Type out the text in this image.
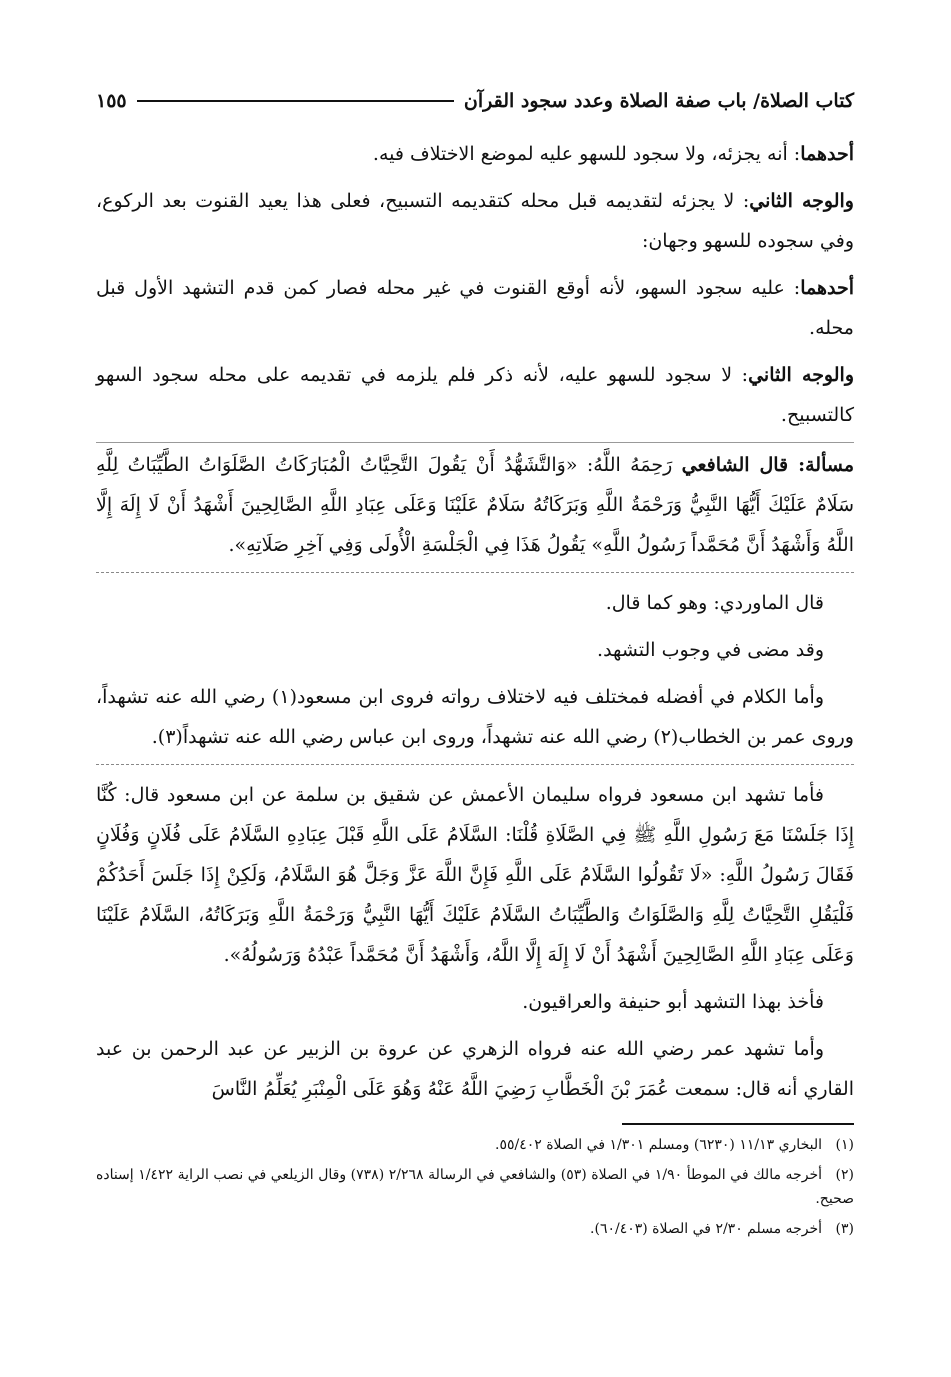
كتاب الصلاة/ باب صفة الصلاة وعدد سجود القرآن
١٥٥

أحدهما: أنه يجزئه، ولا سجود للسهو عليه لموضع الاختلاف فيه.

والوجه الثاني: لا يجزئه لتقديمه قبل محله كتقديمه التسبيح، فعلى هذا يعيد القنوت بعد الركوع، وفي سجوده للسهو وجهان:

أحدهما: عليه سجود السهو، لأنه أوقع القنوت في غير محله فصار كمن قدم التشهد الأول قبل محله.

والوجه الثاني: لا سجود للسهو عليه، لأنه ذكر فلم يلزمه في تقديمه على محله سجود السهو كالتسبيح.

مسألة: قال الشافعي رَحِمَهُ اللَّهُ: «وَالتَّشَهُّدُ أَنْ يَقُولَ التَّحِيَّاتُ الْمُبَارَكَاتُ الصَّلَوَاتُ الطَّيِّبَاتُ لِلَّهِ سَلَامٌ عَلَيْكَ أَيُّهَا النَّبِيُّ وَرَحْمَةُ اللَّهِ وَبَرَكَاتُهُ سَلَامٌ عَلَيْنَا وَعَلَى عِبَادِ اللَّهِ الصَّالِحِينَ أَشْهَدُ أَنْ لَا إِلَهَ إِلَّا اللَّهُ وَأَشْهَدُ أَنَّ مُحَمَّداً رَسُولُ اللَّهِ» يَقُولُ هَذَا فِي الْجَلْسَةِ الْأُولَى وَفِي آخِرِ صَلَاتِهِ».

قال الماوردي: وهو كما قال.

وقد مضى في وجوب التشهد.

وأما الكلام في أفضله فمختلف فيه لاختلاف رواته فروى ابن مسعود(١) رضي الله عنه تشهداً، وروى عمر بن الخطاب(٢) رضي الله عنه تشهداً، وروى ابن عباس رضي الله عنه تشهداً(٣).

فأما تشهد ابن مسعود فرواه سليمان الأعمش عن شقيق بن سلمة عن ابن مسعود قال: كُنَّا إِذَا جَلَسْنَا مَعَ رَسُولِ اللَّهِ ﷺ فِي الصَّلَاةِ قُلْنَا: السَّلَامُ عَلَى اللَّهِ قَبْلَ عِبَادِهِ السَّلَامُ عَلَى فُلَانٍ وَفُلَانٍ فَقَالَ رَسُولُ اللَّهِ: «لَا تَقُولُوا السَّلَامُ عَلَى اللَّهِ فَإِنَّ اللَّهَ عَزَّ وَجَلَّ هُوَ السَّلَامُ، وَلَكِنْ إِذَا جَلَسَ أَحَدُكُمْ فَلْيَقُلِ التَّحِيَّاتُ لِلَّهِ وَالصَّلَوَاتُ وَالطَّيِّبَاتُ السَّلَامُ عَلَيْكَ أَيُّهَا النَّبِيُّ وَرَحْمَةُ اللَّهِ وَبَرَكَاتُهُ، السَّلَامُ عَلَيْنَا وَعَلَى عِبَادِ اللَّهِ الصَّالِحِينَ أَشْهَدُ أَنْ لَا إِلَهَ إِلَّا اللَّهُ، وَأَشْهَدُ أَنَّ مُحَمَّداً عَبْدُهُ وَرَسُولُهُ».

فأخذ بهذا التشهد أبو حنيفة والعراقيون.

وأما تشهد عمر رضي الله عنه فرواه الزهري عن عروة بن الزبير عن عبد الرحمن بن عبد القاري أنه قال: سمعت عُمَرَ بْنَ الْخَطَّابِ رَضِيَ اللَّهُ عَنْهُ وَهُوَ عَلَى الْمِنْبَرِ يُعَلِّمُ النَّاسَ

(١)البخاري ١١/١٣ (٦٢٣٠) ومسلم ١/٣٠١ في الصلاة ٥٥/٤٠٢.

(٢)أخرجه مالك في الموطأ ١/٩٠ في الصلاة (٥٣) والشافعي في الرسالة ٢/٢٦٨ (٧٣٨) وقال الزيلعي في نصب الراية ١/٤٢٢ إسناده صحيح.

(٣)أخرجه مسلم ٢/٣٠ في الصلاة (٦٠/٤٠٣).
